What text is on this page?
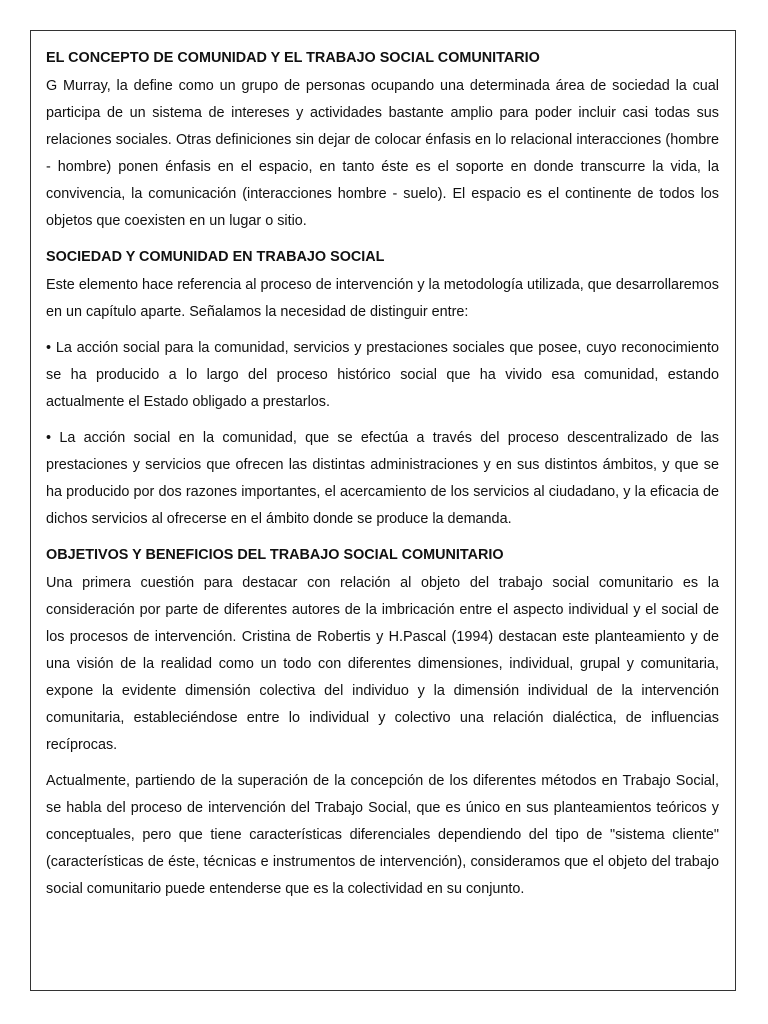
EL CONCEPTO DE COMUNIDAD Y EL TRABAJO SOCIAL COMUNITARIO

G Murray, la define como un grupo de personas ocupando una determinada área de sociedad la cual participa de un sistema de intereses y actividades bastante amplio para poder incluir casi todas sus relaciones sociales. Otras definiciones sin dejar de colocar énfasis en lo relacional interacciones (hombre - hombre) ponen énfasis en el espacio, en tanto éste es el soporte en donde transcurre la vida, la convivencia, la comunicación (interacciones hombre - suelo). El espacio es el continente de todos los objetos que coexisten en un lugar o sitio.

SOCIEDAD Y COMUNIDAD EN TRABAJO SOCIAL

Este elemento hace referencia al proceso de intervención y la metodología utilizada, que desarrollaremos en un capítulo aparte. Señalamos la necesidad de distinguir entre:

• La acción social para la comunidad, servicios y prestaciones sociales que posee, cuyo reconocimiento se ha producido a lo largo del proceso histórico social que ha vivido esa comunidad, estando actualmente el Estado obligado a prestarlos.

• La acción social en la comunidad, que se efectúa a través del proceso descentralizado de las prestaciones y servicios que ofrecen las distintas administraciones y en sus distintos ámbitos, y que se ha producido por dos razones importantes, el acercamiento de los servicios al ciudadano, y la eficacia de dichos servicios al ofrecerse en el ámbito donde se produce la demanda.

OBJETIVOS Y BENEFICIOS DEL TRABAJO SOCIAL COMUNITARIO

Una primera cuestión para destacar con relación al objeto del trabajo social comunitario es la consideración por parte de diferentes autores de la imbricación entre el aspecto individual y el social de los procesos de intervención. Cristina de Robertis y H.Pascal (1994) destacan este planteamiento y de una visión de la realidad como un todo con diferentes dimensiones, individual, grupal y comunitaria, expone la evidente dimensión colectiva del individuo y la dimensión individual de la intervención comunitaria, estableciéndose entre lo individual y colectivo una relación dialéctica, de influencias recíprocas.

Actualmente, partiendo de la superación de la concepción de los diferentes métodos en Trabajo Social, se habla del proceso de intervención del Trabajo Social, que es único en sus planteamientos teóricos y conceptuales, pero que tiene características diferenciales dependiendo del tipo de "sistema cliente" (características de éste, técnicas e instrumentos de intervención), consideramos que el objeto del trabajo social comunitario puede entenderse que es la colectividad en su conjunto.
